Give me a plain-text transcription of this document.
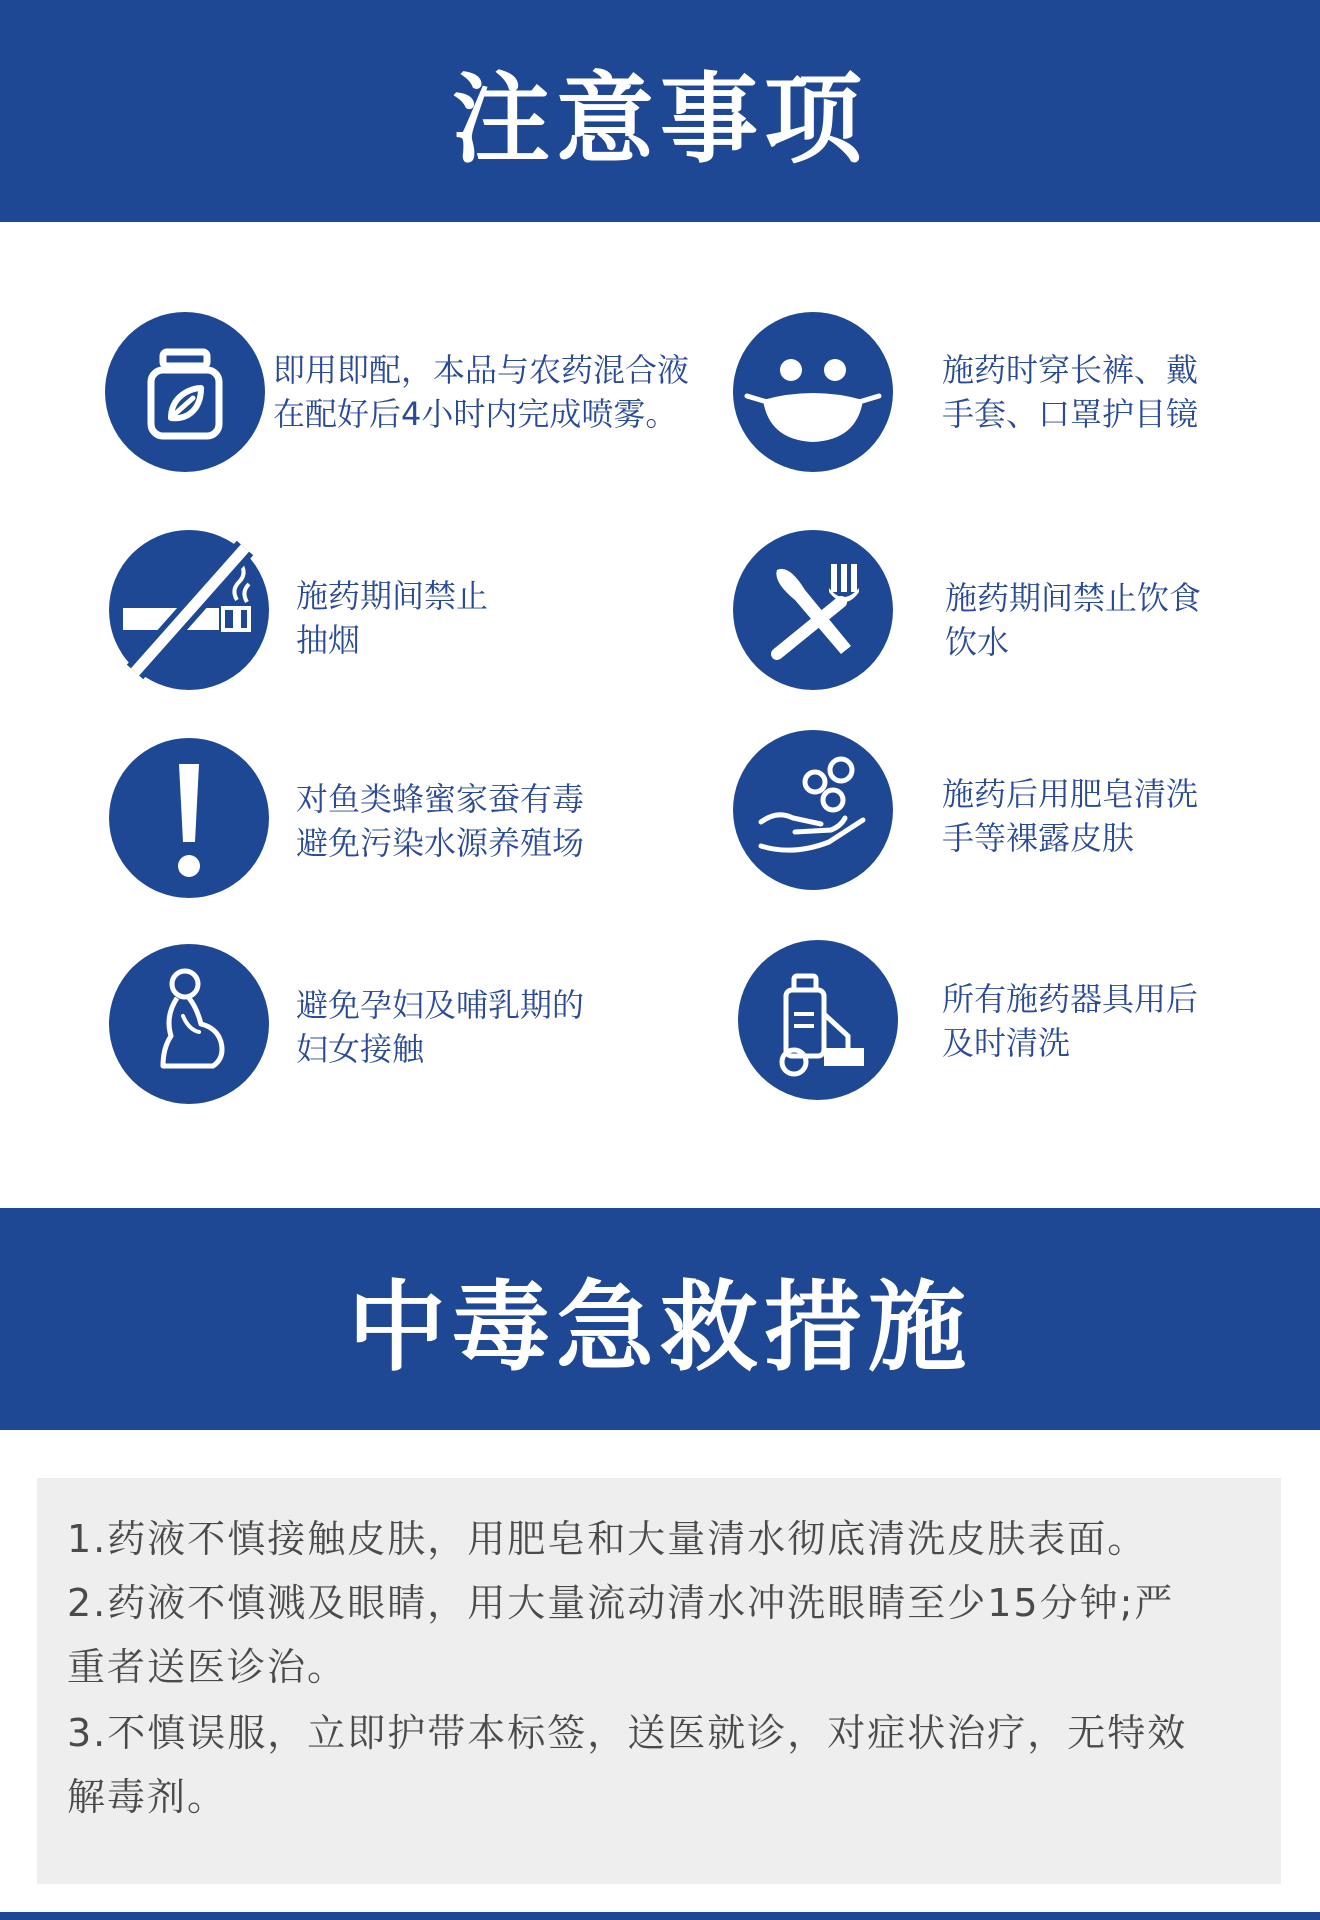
注意事项
即用即配，本品与农药混合液
在配好后4小时内完成喷雾。
施药时穿长裤、戴
手套、口罩护目镜
施药期间禁止
抽烟
施药期间禁止饮食
饮水
对鱼类蜂蜜家蚕有毒
避免污染水源养殖场
施药后用肥皂清洗
手等裸露皮肤
避免孕妇及哺乳期的
妇女接触
所有施药器具用后
及时清洗
中毒急救措施
1.药液不慎接触皮肤，用肥皂和大量清水彻底清洗皮肤表面。
2.药液不慎溅及眼睛，用大量流动清水冲洗眼睛至少15分钟;严
重者送医诊治。
3.不慎误服，立即护带本标签，送医就诊，对症状治疗，无特效
解毒剂。
